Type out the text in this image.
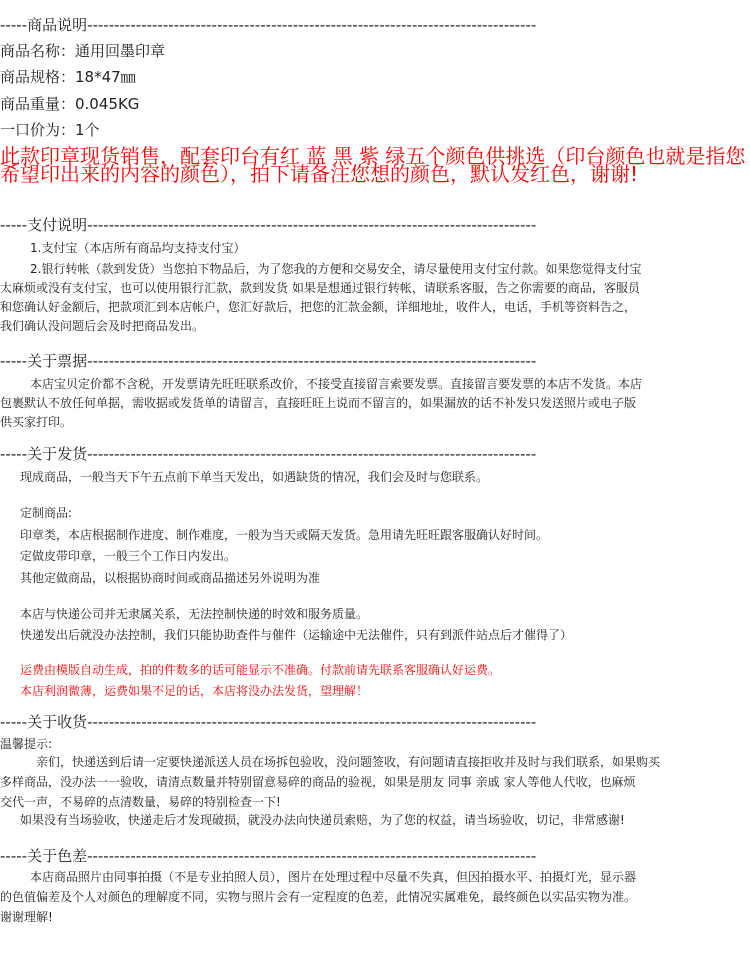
-----商品说明-----------------------------------------------------------------------------------
商品名称：通用回墨印章
商品规格：18*47㎜
商品重量：0.045KG
一口价为：1个
此款印章现货销售，配套印台有红 蓝 黑 紫 绿五个颜色供挑选（印台颜色也就是指您
希望印出来的内容的颜色），拍下请备注您想的颜色，默认发红色，谢谢!
-----支付说明-----------------------------------------------------------------------------------
1.支付宝（本店所有商品均支持支付宝）
2.银行转帐（款到发货）当您拍下物品后，为了您我的方便和交易安全，请尽量使用支付宝付款。如果您觉得支付宝
太麻烦或没有支付宝，也可以使用银行汇款，款到发货 如果是想通过银行转帐，请联系客服，告之你需要的商品，客服员
和您确认好金额后，把款项汇到本店帐户，您汇好款后，把您的汇款金额，详细地址，收件人，电话，手机等资料告之，
我们确认没问题后会及时把商品发出。
-----关于票据-----------------------------------------------------------------------------------
本店宝贝定价都不含税，开发票请先旺旺联系改价，不接受直接留言索要发票。直接留言要发票的本店不发货。本店
包裹默认不放任何单据，需收据或发货单的请留言，直接旺旺上说而不留言的，如果漏放的话不补发只发送照片或电子版
供买家打印。
-----关于发货-----------------------------------------------------------------------------------
现成商品，一般当天下午五点前下单当天发出，如遇缺货的情况，我们会及时与您联系。
定制商品:
印章类，本店根据制作进度、制作难度，一般为当天或隔天发货。急用请先旺旺跟客服确认好时间。
定做皮带印章，一般三个工作日内发出。
其他定做商品，以根据协商时间或商品描述另外说明为准
本店与快递公司并无隶属关系，无法控制快递的时效和服务质量。
快递发出后就没办法控制，我们只能协助查件与催件（运输途中无法催件，只有到派件站点后才催得了）
运费由模版自动生成，拍的件数多的话可能显示不准确。付款前请先联系客服确认好运费。
本店利润微薄，运费如果不足的话，本店将没办法发货，望理解！
-----关于收货-----------------------------------------------------------------------------------
温馨提示:
亲们，快递送到后请一定要快递派送人员在场拆包验收，没问题签收，有问题请直接拒收并及时与我们联系，如果购买
多样商品，没办法一一验收，请清点数量并特别留意易碎的商品的验视，如果是朋友 同事 亲戚 家人等他人代收，也麻烦
交代一声，不易碎的点清数量，易碎的特别检查一下!
如果没有当场验收，快递走后才发现破损，就没办法向快递员索赔，为了您的权益，请当场验收，切记，非常感谢!
-----关于色差-----------------------------------------------------------------------------------
本店商品照片由同事拍摄（不是专业拍照人员），图片在处理过程中尽量不失真，但因拍摄水平、拍摄灯光，显示器
的色值偏差及个人对颜色的理解度不同，实物与照片会有一定程度的色差，此情况实属难免，最终颜色以实品实物为准。
谢谢理解!
